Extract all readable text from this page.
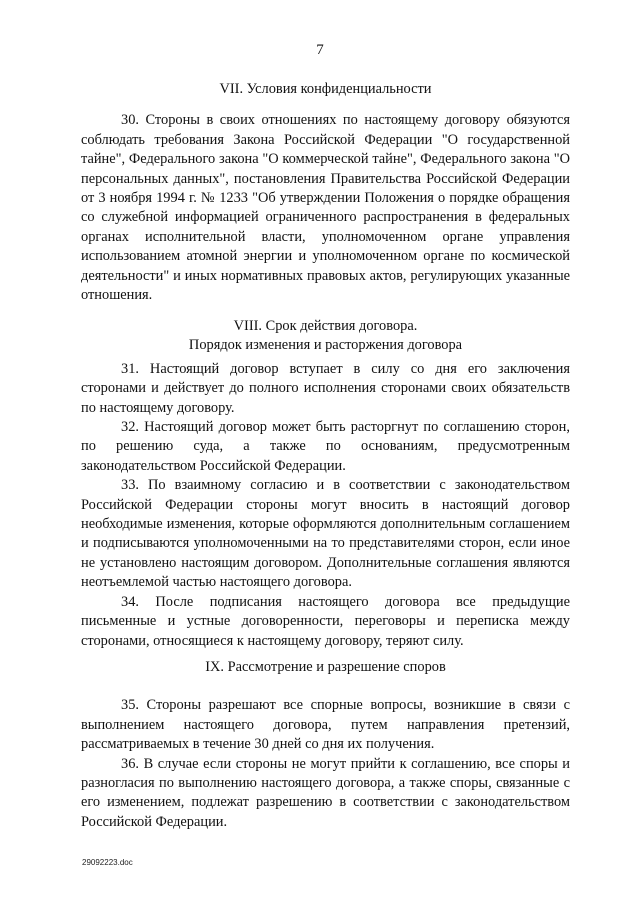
7
VII. Условия конфиденциальности

30. Стороны в своих отношениях по настоящему договору обязуются соблюдать требования Закона Российской Федерации "О государственной тайне", Федерального закона "О коммерческой тайне", Федерального закона "О персональных данных", постановления Правительства Российской Федерации от 3 ноября 1994 г. № 1233 "Об утверждении Положения о порядке обращения со служебной информацией ограниченного распространения в федеральных органах исполнительной власти, уполномоченном органе управления использованием атомной энергии и уполномоченном органе по космической деятельности" и иных нормативных правовых актов, регулирующих указанные отношения.

VIII. Срок действия договора.
Порядок изменения и расторжения договора

31. Настоящий договор вступает в силу со дня его заключения сторонами и действует до полного исполнения сторонами своих обязательств по настоящему договору.

32. Настоящий договор может быть расторгнут по соглашению сторон, по решению суда, а также по основаниям, предусмотренным законодательством Российской Федерации.

33. По взаимному согласию и в соответствии с законодательством Российской Федерации стороны могут вносить в настоящий договор необходимые изменения, которые оформляются дополнительным соглашением и подписываются уполномоченными на то представителями сторон, если иное не установлено настоящим договором. Дополнительные соглашения являются неотъемлемой частью настоящего договора.

34. После подписания настоящего договора все предыдущие письменные и устные договоренности, переговоры и переписка между сторонами, относящиеся к настоящему договору, теряют силу.

IX. Рассмотрение и разрешение споров

35. Стороны разрешают все спорные вопросы, возникшие в связи с выполнением настоящего договора, путем направления претензий, рассматриваемых в течение 30 дней со дня их получения.

36. В случае если стороны не могут прийти к соглашению, все споры и разногласия по выполнению настоящего договора, а также споры, связанные с его изменением, подлежат разрешению в соответствии с законодательством Российской Федерации.

29092223.doc
